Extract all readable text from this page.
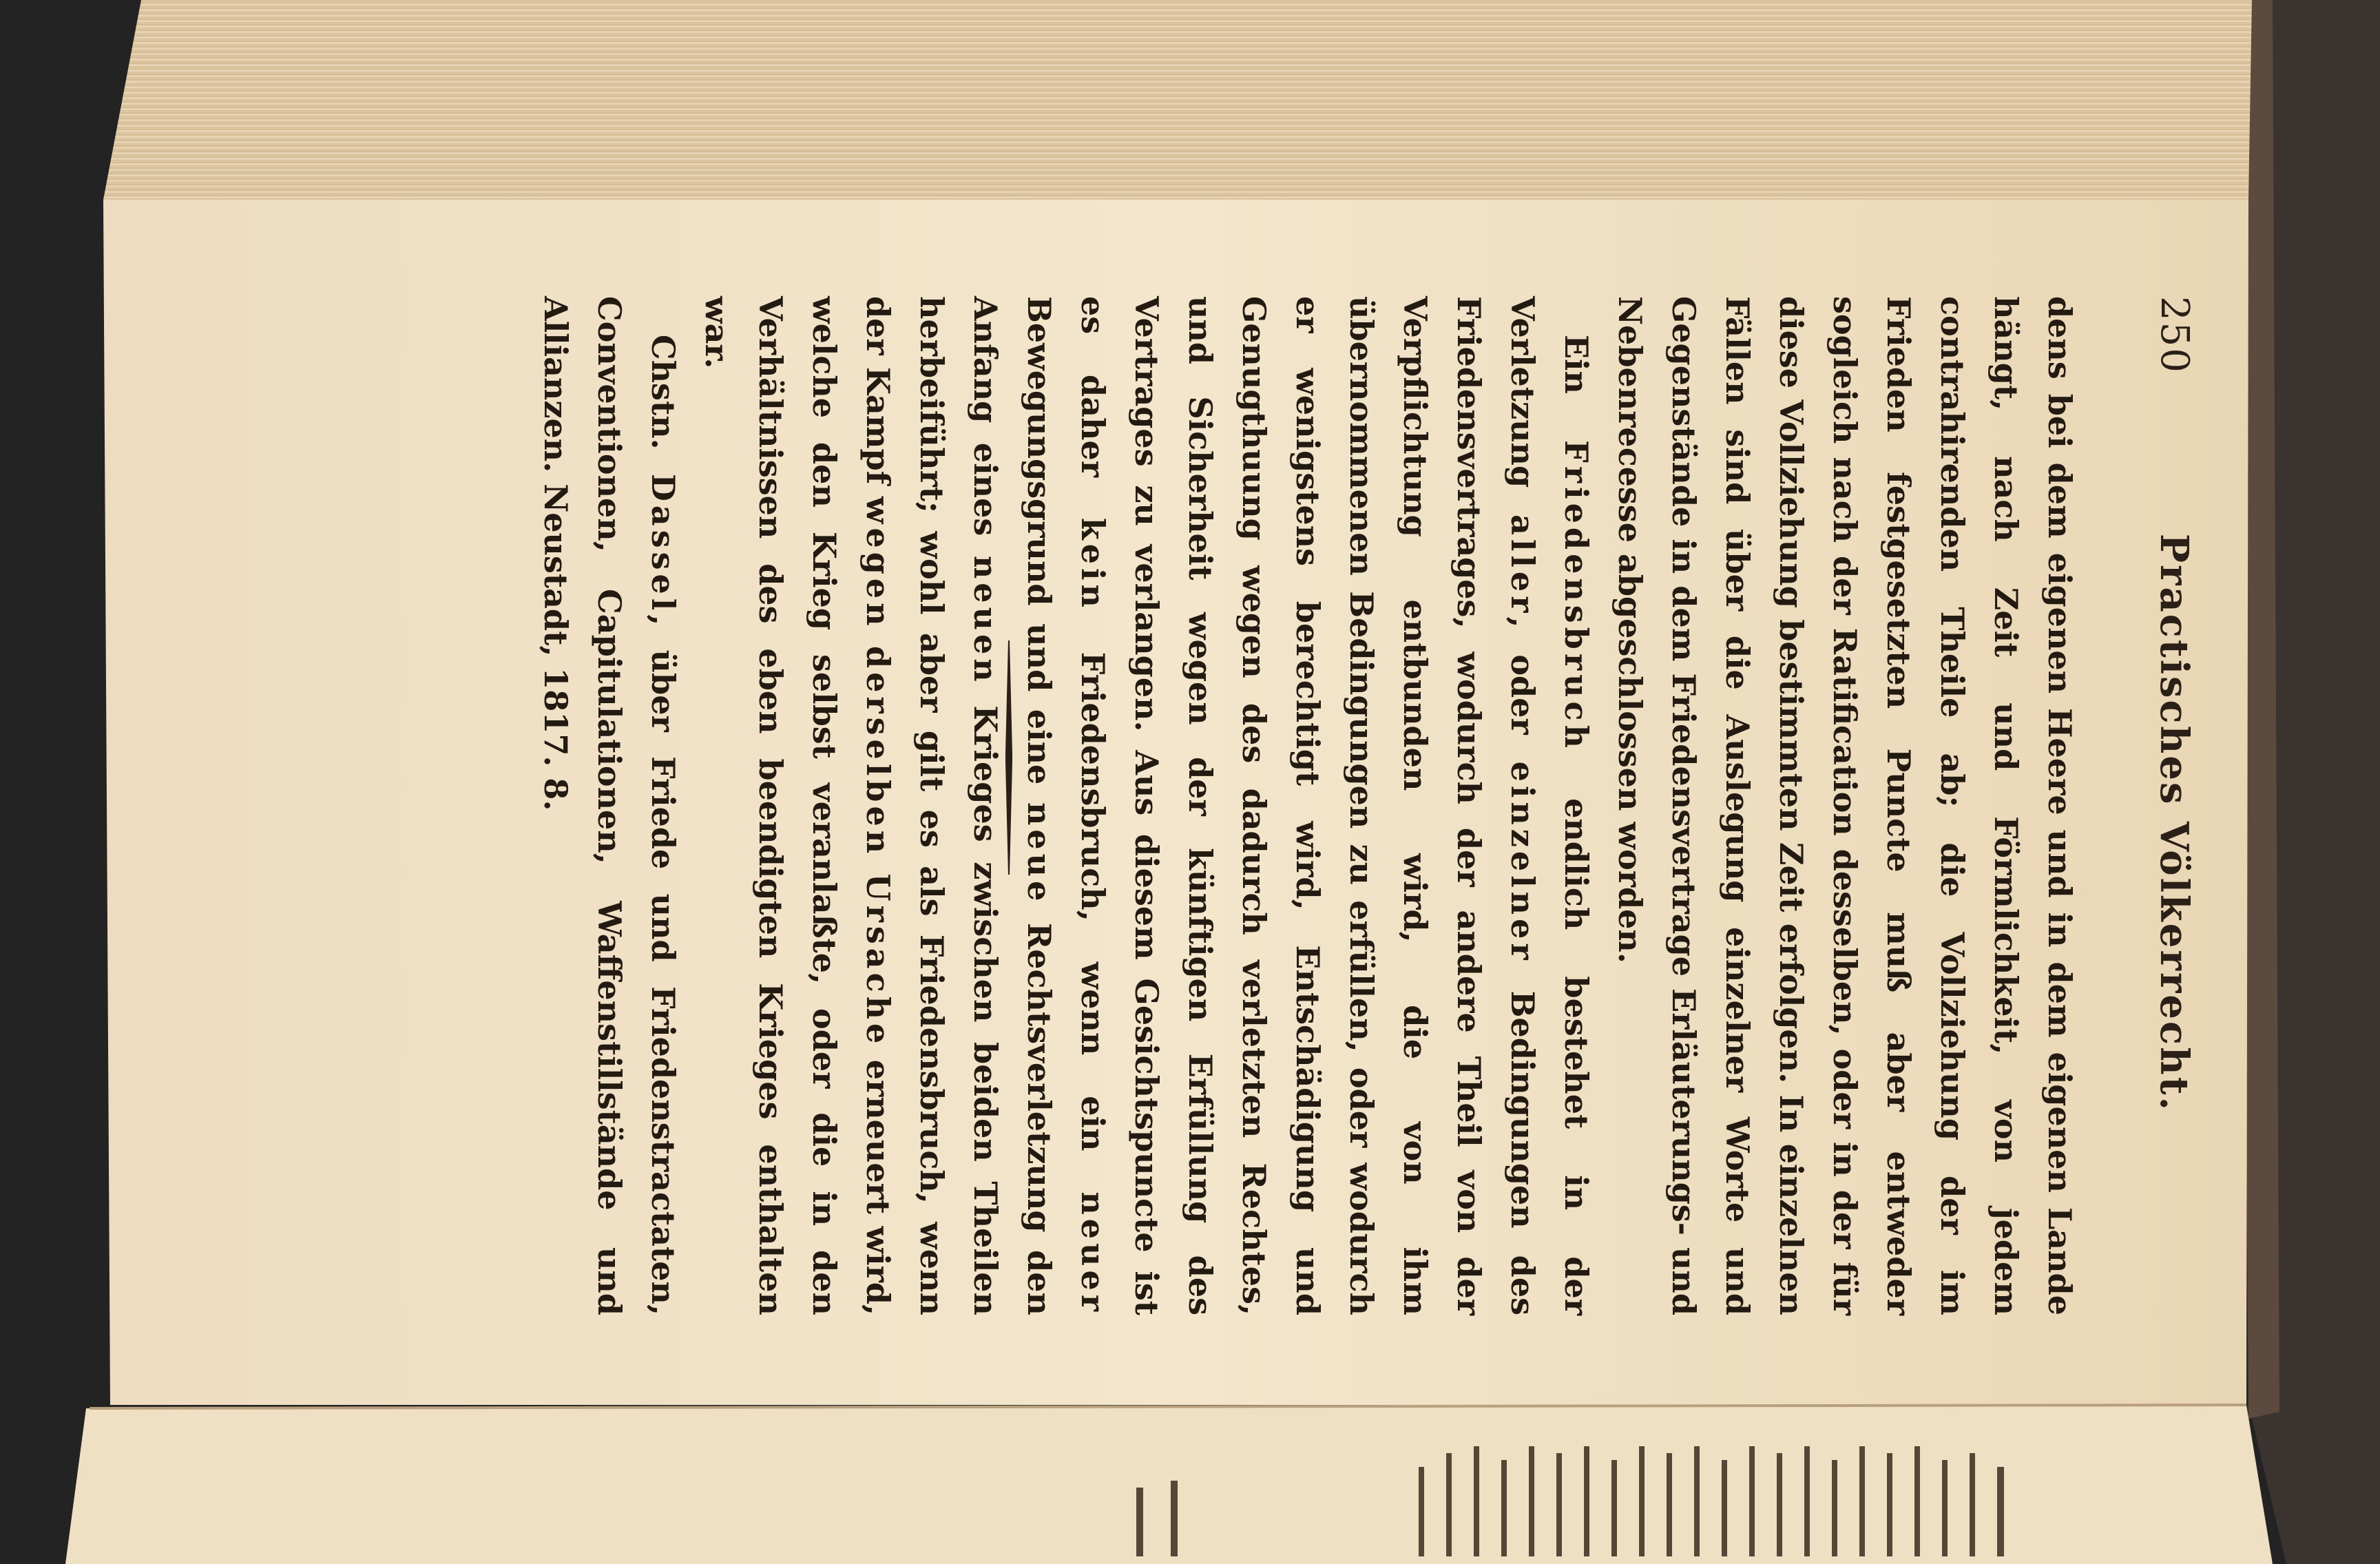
250
Practisches Völkerrecht.

dens bei dem eigenen Heere und in dem eigenen Lande hängt, nach Zeit und Förmlichkeit, von jedem contrahirenden Theile ab; die Vollziehung der im Frieden festgesetzten Puncte muß aber entweder sogleich nach der Ratification desselben, oder in der für diese Vollziehung bestimmten Zeit erfolgen. In einzelnen Fällen sind über die Auslegung einzelner Worte und Gegenstände in dem Friedensvertrage Erläuterungs- und Nebenrecesse abgeschlossen worden.

Ein Friedensbruch endlich bestehet in der Verletzung aller, oder einzelner Bedingungen des Friedensvertrages, wodurch der andere Theil von der Verpflichtung entbunden wird, die von ihm übernommenen Bedingungen zu erfüllen, oder wodurch er wenigstens berechtigt wird, Entschädigung und Genugthuung wegen des dadurch verletzten Rechtes, und Sicherheit wegen der künftigen Erfüllung des Vertrages zu verlangen. Aus diesem Gesichtspuncte ist es daher kein Friedensbruch, wenn ein neuer Bewegungsgrund und eine neue Rechtsverletzung den Anfang eines neuen Krieges zwischen beiden Theilen herbeiführt; wohl aber gilt es als Friedensbruch, wenn der Kampf wegen derselben Ursache erneuert wird, welche den Krieg selbst veranlaßte, oder die in den Verhältnissen des eben beendigten Krieges enthalten war.

Chstn. Dassel, über Friede und Friedenstractaten, Conventionen, Capitulationen, Waffenstillstände und Allianzen. Neustadt, 1817. 8.
